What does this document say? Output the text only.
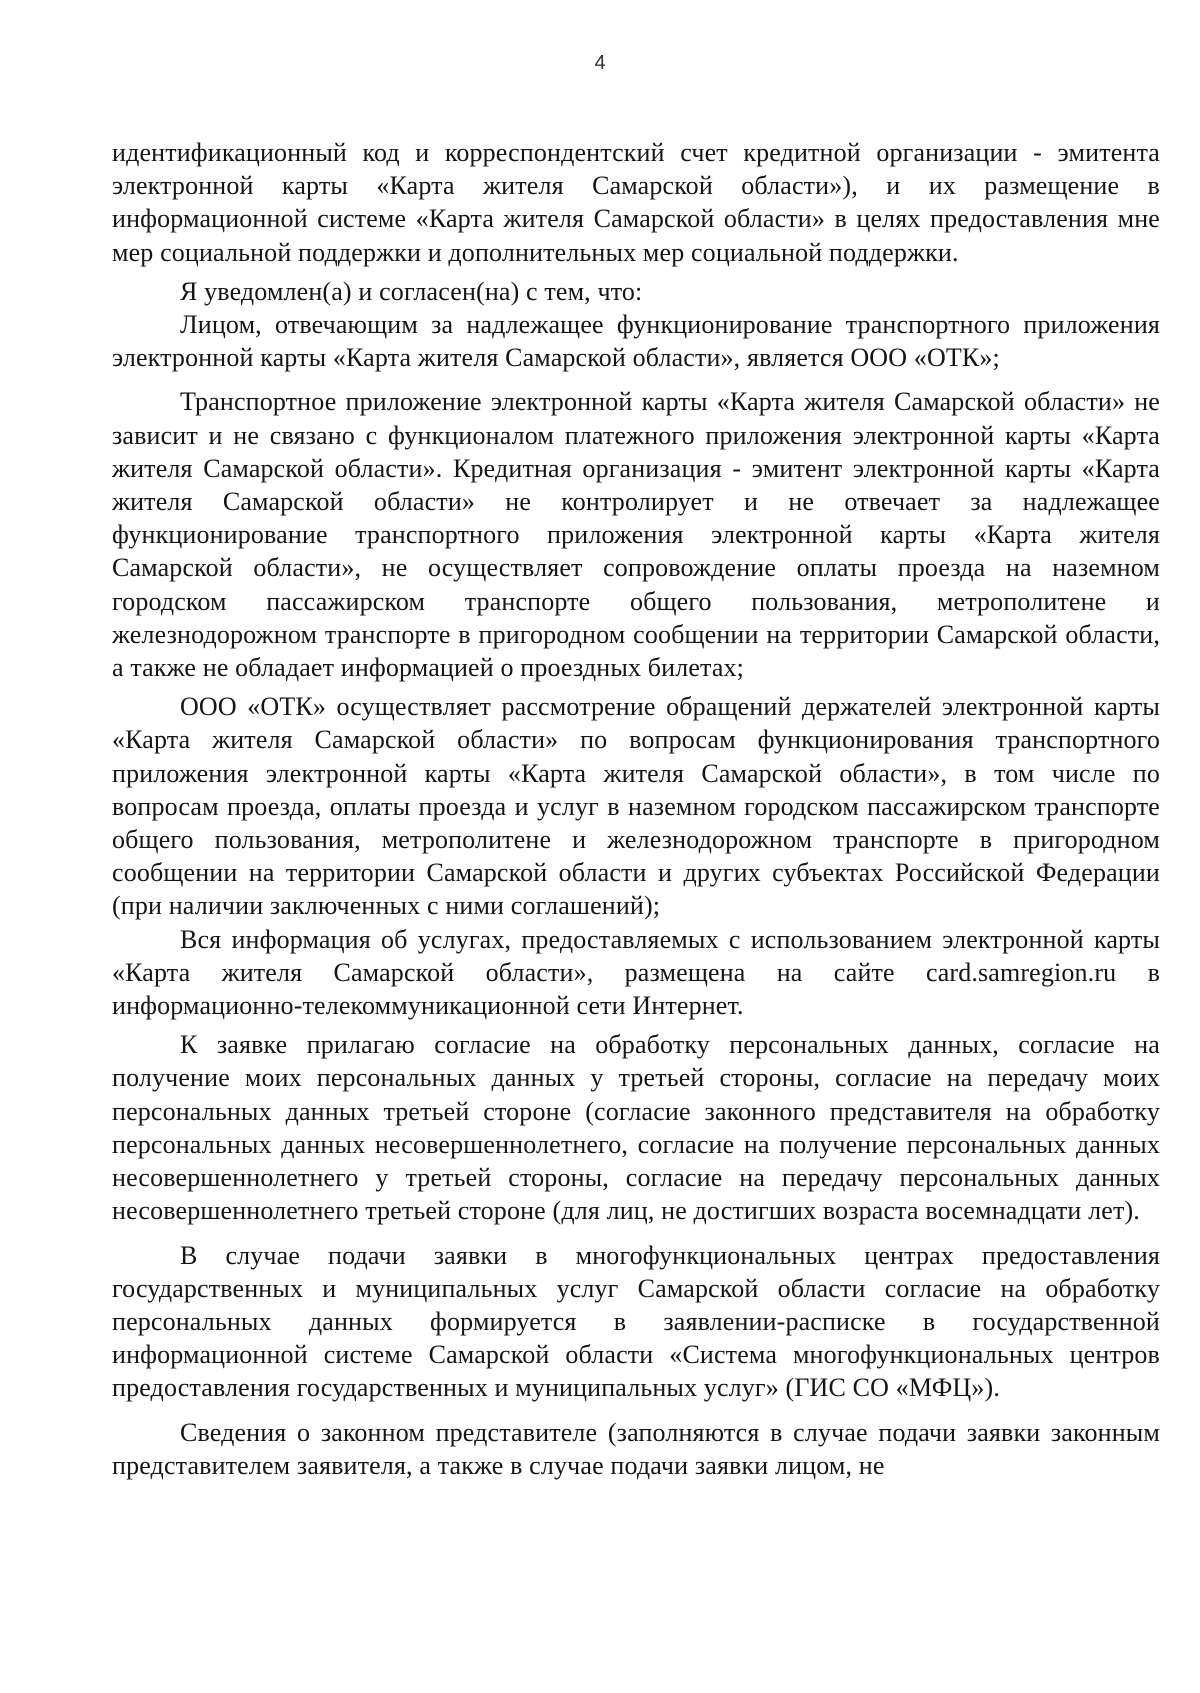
4

идентификационный код и корреспондентский счет кредитной организации - эмитента электронной карты «Карта жителя Самарской области»), и их размещение в информационной системе «Карта жителя Самарской области» в целях предоставления мне мер социальной поддержки и дополнительных мер социальной поддержки.

Я уведомлен(а) и согласен(на) с тем, что:

Лицом, отвечающим за надлежащее функционирование транспортного приложения электронной карты «Карта жителя Самарской области», является ООО «ОТК»;

Транспортное приложение электронной карты «Карта жителя Самарской области» не зависит и не связано с функционалом платежного приложения электронной карты «Карта жителя Самарской области». Кредитная организация - эмитент электронной карты «Карта жителя Самарской области» не контролирует и не отвечает за надлежащее функционирование транспортного приложения электронной карты «Карта жителя Самарской области», не осуществляет сопровождение оплаты проезда на наземном городском пассажирском транспорте общего пользования, метрополитене и железнодорожном транспорте в пригородном сообщении на территории Самарской области, а также не обладает информацией о проездных билетах;

ООО «ОТК» осуществляет рассмотрение обращений держателей электронной карты «Карта жителя Самарской области» по вопросам функционирования транспортного приложения электронной карты «Карта жителя Самарской области», в том числе по вопросам проезда, оплаты проезда и услуг в наземном городском пассажирском транспорте общего пользования, метрополитене и железнодорожном транспорте в пригородном сообщении на территории Самарской области и других субъектах Российской Федерации (при наличии заключенных с ними соглашений);

Вся информация об услугах, предоставляемых с использованием электронной карты «Карта жителя Самарской области», размещена на сайте card.samregion.ru в информационно-телекоммуникационной сети Интернет.

К заявке прилагаю согласие на обработку персональных данных, согласие на получение моих персональных данных у третьей стороны, согласие на передачу моих персональных данных третьей стороне (согласие законного представителя на обработку персональных данных несовершеннолетнего, согласие на получение персональных данных несовершеннолетнего у третьей стороны, согласие на передачу персональных данных несовершеннолетнего третьей стороне (для лиц, не достигших возраста восемнадцати лет).

В случае подачи заявки в многофункциональных центрах предоставления государственных и муниципальных услуг Самарской области согласие на обработку персональных данных формируется в заявлении-расписке в государственной информационной системе Самарской области «Система многофункциональных центров предоставления государственных и муниципальных услуг» (ГИС СО «МФЦ»).

Сведения о законном представителе (заполняются в случае подачи заявки законным представителем заявителя, а также в случае подачи заявки лицом, не
